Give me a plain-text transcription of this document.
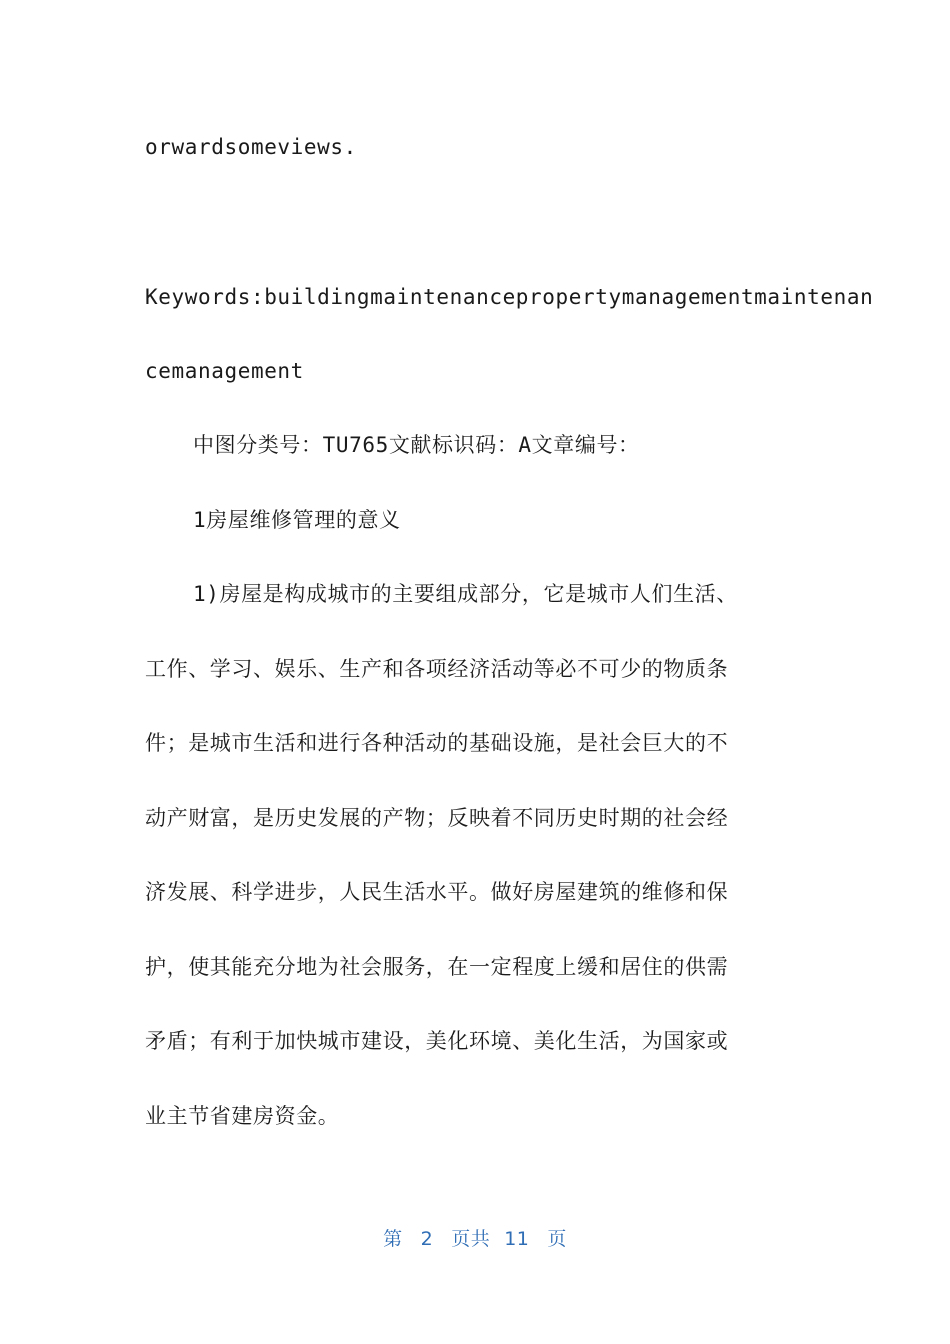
orwardsomeviews.
Keywords:buildingmaintenancepropertymanagementmaintenan
cemanagement
中图分类号：TU765文献标识码：A文章编号：
1房屋维修管理的意义
1)房屋是构成城市的主要组成部分，它是城市人们生活、
工作、学习、娱乐、生产和各项经济活动等必不可少的物质条
件；是城市生活和进行各种活动的基础设施，是社会巨大的不
动产财富，是历史发展的产物；反映着不同历史时期的社会经
济发展、科学进步，人民生活水平。做好房屋建筑的维修和保
护，使其能充分地为社会服务，在一定程度上缓和居住的供需
矛盾；有利于加快城市建设，美化环境、美化生活，为国家或
业主节省建房资金。
第 2 页共 11 页
